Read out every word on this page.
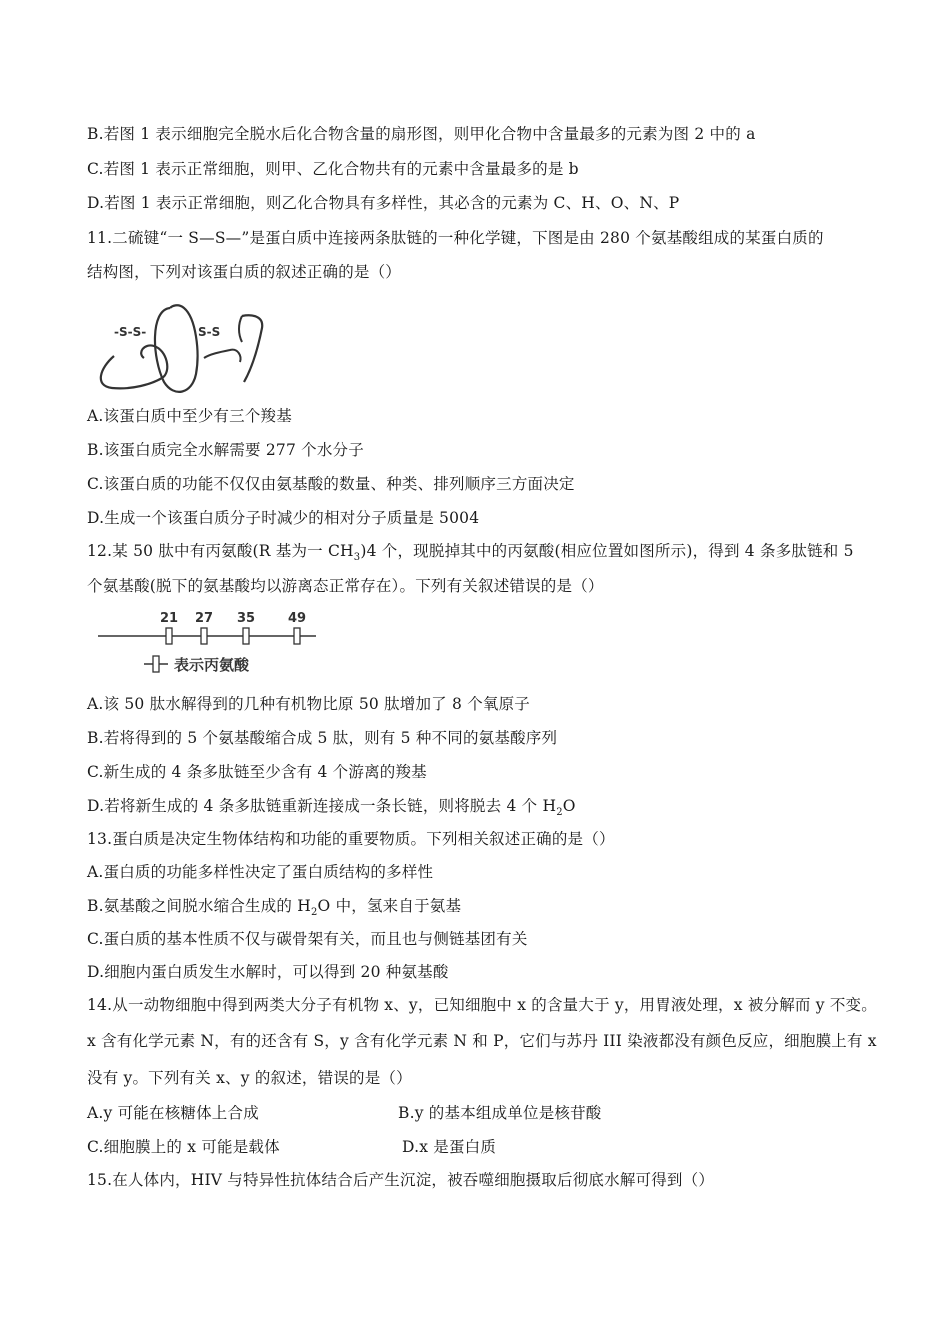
B.若图 1 表示细胞完全脱水后化合物含量的扇形图，则甲化合物中含量最多的元素为图 2 中的 a
C.若图 1 表示正常细胞，则甲、乙化合物共有的元素中含量最多的是 b
D.若图 1 表示正常细胞，则乙化合物具有多样性，其必含的元素为 C、H、O、N、P
11.二硫键“一 S—S—”是蛋白质中连接两条肽链的一种化学键，下图是由 280 个氨基酸组成的某蛋白质的
结构图，下列对该蛋白质的叙述正确的是（）
-S-S-	S-S
A.该蛋白质中至少有三个羧基
B.该蛋白质完全水解需要 277 个水分子
C.该蛋白质的功能不仅仅由氨基酸的数量、种类、排列顺序三方面决定
D.生成一个该蛋白质分子时减少的相对分子质量是 5004
12.某 50 肽中有丙氨酸(R 基为一 $CH_3)4$ 个，现脱掉其中的丙氨酸(相应位置如图所示)，得到 4 条多肽链和 5
个氨基酸(脱下的氨基酸均以游离态正常存在）。下列有关叙述错误的是（）
21 27 35	49
表示丙氨酸
A.该 50 肽水解得到的几种有机物比原 50 肽增加了 8 个氧原子
B.若将得到的 5 个氨基酸缩合成 5 肽，则有 5 种不同的氨基酸序列
C.新生成的 4 条多肽链至少含有 4 个游离的羧基
D.若将新生成的 4 条多肽链重新连接成一条长链，则将脱去 4 个 $H_2O$
13.蛋白质是决定生物体结构和功能的重要物质。下列相关叙述正确的是（）
A.蛋白质的功能多样性决定了蛋白质结构的多样性
B.氨基酸之间脱水缩合生成的 $H_2O$ 中，氢来自于氨基
C.蛋白质的基本性质不仅与碳骨架有关，而且也与侧链基团有关
D.细胞内蛋白质发生水解时，可以得到 20 种氨基酸
14.从一动物细胞中得到两类大分子有机物 x、y，已知细胞中 x 的含量大于 y，用胃液处理，x 被分解而 y 不变。
x 含有化学元素 N，有的还含有 S，y 含有化学元素 N 和 P，它们与苏丹 III 染液都没有颜色反应，细胞膜上有 x
没有 y。下列有关 x、y 的叙述，错误的是（）
A.y 可能在核糖体上合成	B.y 的基本组成单位是核苷酸
C.细胞膜上的 x 可能是载体	D.x 是蛋白质
15.在人体内，HIV 与特异性抗体结合后产生沉淀，被吞噬细胞摄取后彻底水解可得到（）
